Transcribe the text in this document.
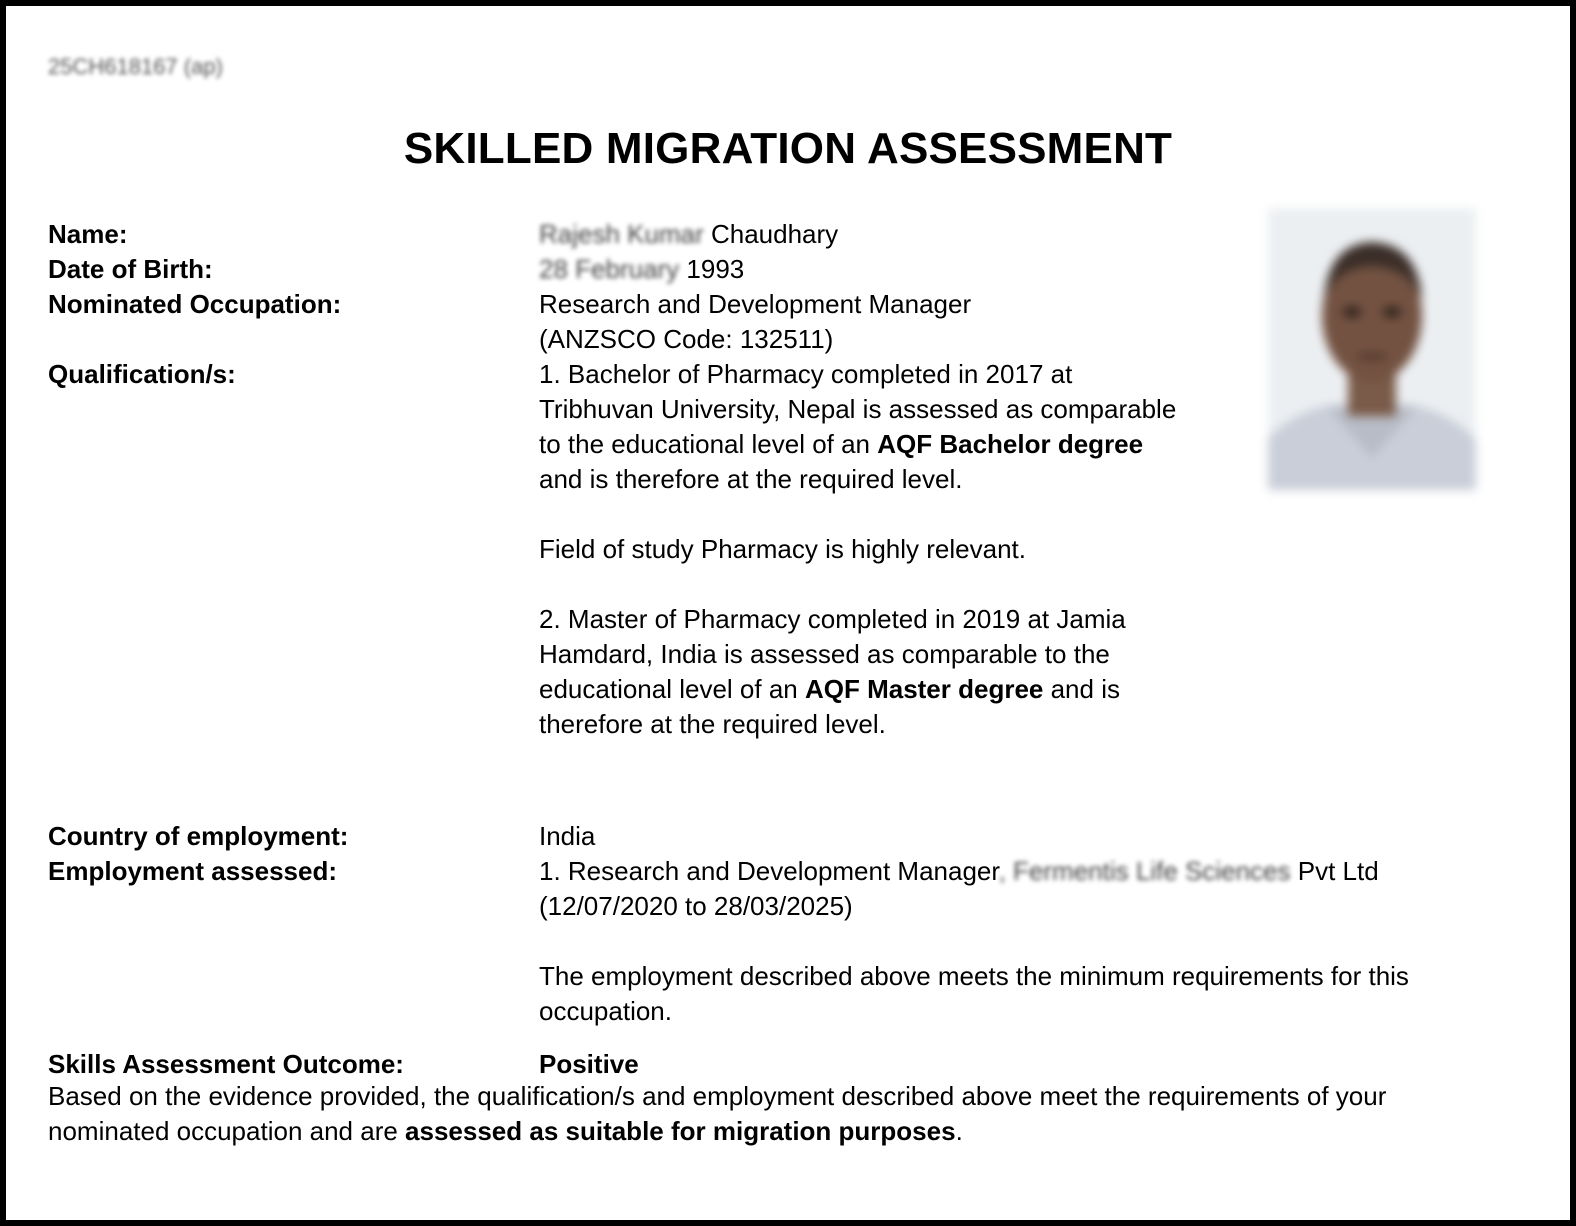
25CH618167 (ap)
SKILLED MIGRATION ASSESSMENT
Name:	Rajesh Kumar Chaudhary
Date of Birth:	28 February 1993
Nominated Occupation:	Research and Development Manager
(ANZSCO Code: 132511)
Qualification/s:	1. Bachelor of Pharmacy completed in 2017 at
Tribhuvan University, Nepal is assessed as comparable
to the educational level of an AQF Bachelor degree
and is therefore at the required level.
Field of study Pharmacy is highly relevant.
2. Master of Pharmacy completed in 2019 at Jamia
Hamdard, India is assessed as comparable to the
educational level of an AQF Master degree and is
therefore at the required level.
Country of employment:	India
Employment assessed:	1. Research and Development Manager, Fermentis Life Sciences Pvt Ltd
(12/07/2020 to 28/03/2025)
The employment described above meets the minimum requirements for this
occupation.
Skills Assessment Outcome:	Positive
Based on the evidence provided, the qualification/s and employment described above meet the requirements of your
nominated occupation and are assessed as suitable for migration purposes.
